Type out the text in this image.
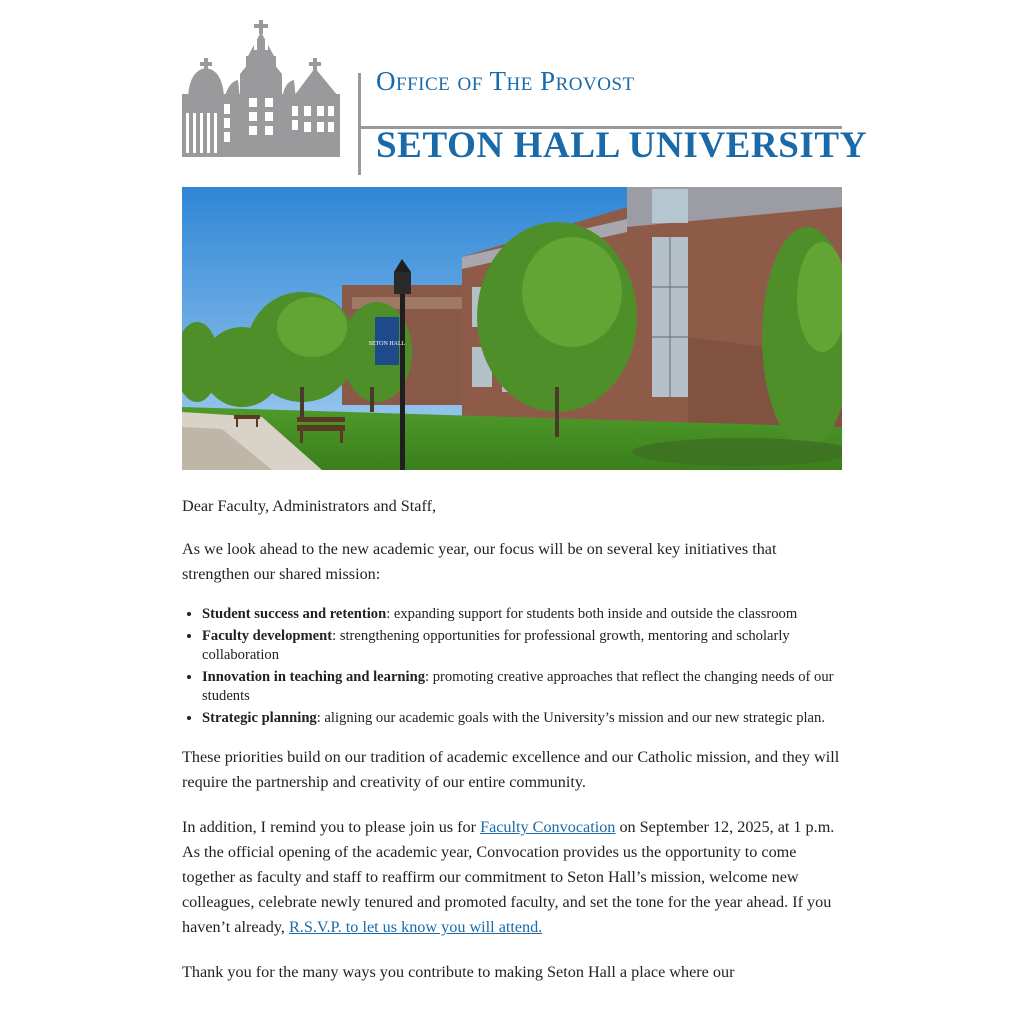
Office of The Provost
SETON HALL UNIVERSITY
SETON HALL

Dear Faculty, Administrators and Staff,

As we look ahead to the new academic year, our focus will be on several key initiatives that strengthen our shared mission:

• Student success and retention: expanding support for students both inside and outside the classroom
• Faculty development: strengthening opportunities for professional growth, mentoring and scholarly collaboration
• Innovation in teaching and learning: promoting creative approaches that reflect the changing needs of our students
• Strategic planning: aligning our academic goals with the University’s mission and our new strategic plan.

These priorities build on our tradition of academic excellence and our Catholic mission, and they will require the partnership and creativity of our entire community.

In addition, I remind you to please join us for Faculty Convocation on September 12, 2025, at 1 p.m. As the official opening of the academic year, Convocation provides us the opportunity to come together as faculty and staff to reaffirm our commitment to Seton Hall’s mission, welcome new colleagues, celebrate newly tenured and promoted faculty, and set the tone for the year ahead. If you haven’t already, R.S.V.P. to let us know you will attend.

Thank you for the many ways you contribute to making Seton Hall a place where our
